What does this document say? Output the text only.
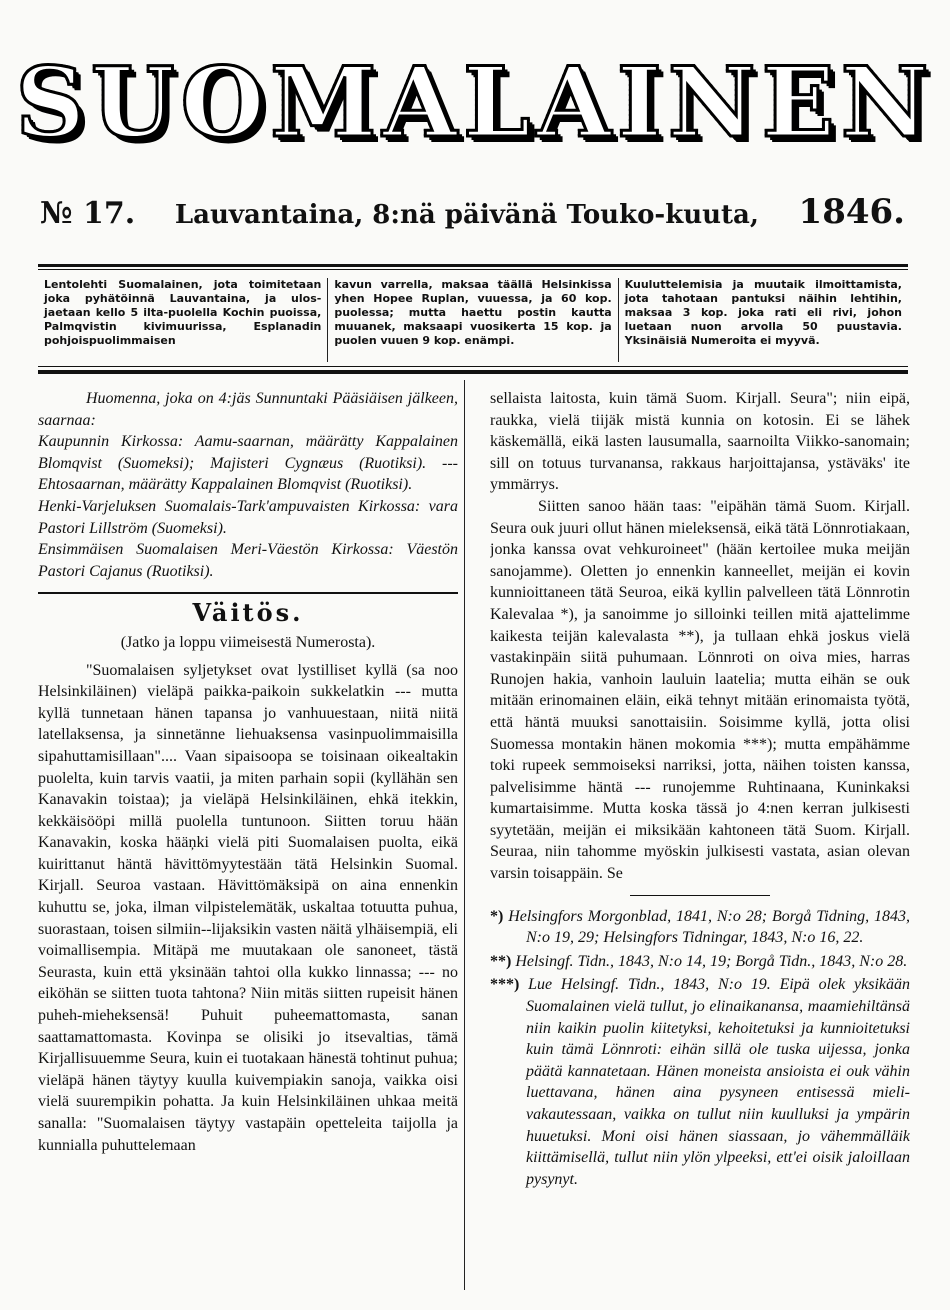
SUOMALAINEN
№ 17. Lauvantaina, 8:nä päivänä Touko-kuuta, 1846.
Lentolehti Suomalainen, jota toimitetaan joka pyhätöinnä Lauvantaina, ja ulos-jaetaan kello 5 ilta-puolella Kochin puoissa, Palmqvistin kivimuurissa, Esplanadin pohjoispuolimmaisen
kavun varrella, maksaa täällä Helsinkissa yhen Hopee Ruplan, vuuessa, ja 60 kop. puolessa; mutta haettu postin kautta muuanek, maksaapi vuosikerta 15 kop. ja puolen vuuen 9 kop. enämpi.
Kuuluttelemisia ja muutaik ilmoittamista, jota tahotaan pantuksi näihin lehtihin, maksaa 3 kop. joka rati eli rivi, johon luetaan nuon arvolla 50 puustavia. Yksinäisiä Numeroita ei myyvä.

Huomenna, joka on 4:jäs Sunnuntaki Pääsiäisen jälkeen, saarnaa:

Kaupunnin Kirkossa: Aamu-saarnan, määrätty Kappalainen Blomqvist (Suomeksi); Majisteri Cygnæus (Ruotiksi). --- Ehtosaarnan, määrätty Kappalainen Blomqvist (Ruotiksi).

Henki-Varjeluksen Suomalais-Tark'ampuvaisten Kirkossa: vara Pastori Lillström (Suomeksi).

Ensimmäisen Suomalaisen Meri-Väestön Kirkossa: Väestön Pastori Cajanus (Ruotiksi).

Väitös.
(Jatko ja loppu viimeisestä Numerosta).

"Suomalaisen syljetykset ovat lystilliset kyllä (sa noo Helsinkiläinen) vieläpä paikka-paikoin sukkelatkin --- mutta kyllä tunnetaan hänen tapansa jo vanhuuestaan, niitä niitä latellaksensa, ja sinnetänne liehuaksensa vasinpuolimmaisilla sipahuttamisillaan".... Vaan sipaisoopa se toisinaan oikealtakin puolelta, kuin tarvis vaatii, ja miten parhain sopii (kyllähän sen Kanavakin toistaa); ja vieläpä Helsinkiläinen, ehkä itekkin, kekkäisööpi millä puolella tuntunoon. Siitten toruu hään Kanavakin, koska hääņki vielä piti Suomalaisen puolta, eikä kuirittanut häntä hävittömyytestään tätä Helsinkin Suomal. Kirjall. Seuroa vastaan. Hävittömäksipä on aina ennenkin kuhuttu se, joka, ilman vilpistelemätäk, uskaltaa totuutta puhua, suorastaan, toisen silmiin--lijaksikin vasten näitä ylhäisempiä, eli voimallisempia. Mitäpä me muutakaan ole sanoneet, tästä Seurasta, kuin että yksinään tahtoi olla kukko linnassa; --- no eiköhän se siitten tuota tahtona? Niin mitäs siitten rupeisit hänen puheh-mieheksensä! Puhuit puheemattomasta, sanan saattamattomasta. Kovinpa se olisiki jo itsevaltias, tämä Kirjallisuuemme Seura, kuin ei tuotakaan hänestä tohtinut puhua; vieläpä hänen täytyy kuulla kuivempiakin sanoja, vaikka oisi vielä suurempikin pohatta. Ja kuin Helsinkiläinen uhkaa meitä sanalla: "Suomalaisen täytyy vastapäin opetteleita taijolla ja kunnialla puhuttelemaan

sellaista laitosta, kuin tämä Suom. Kirjall. Seura"; niin eipä, raukka, vielä tiijäk mistä kunnia on kotosin. Ei se lähek käskemällä, eikä lasten lausumalla, saarnoilta Viikko-sanomain; sill on totuus turvanansa, rakkaus harjoittajansa, ystäväks' ite ymmärrys.

Siitten sanoo hään taas: "eipähän tämä Suom. Kirjall. Seura ouk juuri ollut hänen mieleksensä, eikä tätä Lönnrotiakaan, jonka kanssa ovat vehkuroineet" (hään kertoilee muka meijän sanojamme). Oletten jo ennenkin kanneellet, meijän ei kovin kunnioittaneen tätä Seuroa, eikä kyllin palvelleen tätä Lönnrotin Kalevalaa *), ja sanoimme jo silloinki teillen mitä ajattelimme kaikesta teijän kalevalasta **), ja tullaan ehkä joskus vielä vastakinpäin siitä puhumaan. Lönnroti on oiva mies, harras Runojen hakia, vanhoin lauluin laatelia; mutta eihän se ouk mitään erinomainen eläin, eikä tehnyt mitään erinomaista työtä, että häntä muuksi sanottaisiin. Soisimme kyllä, jotta olisi Suomessa montakin hänen mokomia ***); mutta empähämme toki rupeek semmoiseksi narriksi, jotta, näihen toisten kanssa, palvelisimme häntä --- runojemme Ruhtinaana, Kuninkaksi kumartaisimme. Mutta koska tässä jo 4:nen kerran julkisesti syytetään, meijän ei miksikään kahtoneen tätä Suom. Kirjall. Seuraa, niin tahomme myöskin julkisesti vastata, asian olevan varsin toisappäin. Se

*) Helsingfors Morgonblad, 1841, N:o 28; Borgå Tidning, 1843, N:o 19, 29; Helsingfors Tidningar, 1843, N:o 16, 22.

**) Helsingf. Tidn., 1843, N:o 14, 19; Borgå Tidn., 1843, N:o 28.

***) Lue Helsingf. Tidn., 1843, N:o 19. Eipä olek yksikään Suomalainen vielä tullut, jo elinaikanansa, maamiehiltänsä niin kaikin puolin kiitetyksi, kehoitetuksi ja kunnioitetuksi kuin tämä Lönnroti: eihän sillä ole tuska uijessa, jonka päätä kannatetaan. Hänen moneista ansioista ei ouk vähin luettavana, hänen aina pysyneen entisessä mieli-vakautessaan, vaikka on tullut niin kuulluksi ja ympärin huuetuksi. Moni oisi hänen siassaan, jo vähemmälläik kiittämisellä, tullut niin ylön ylpeeksi, ett'ei oisik jaloillaan pysynyt.
